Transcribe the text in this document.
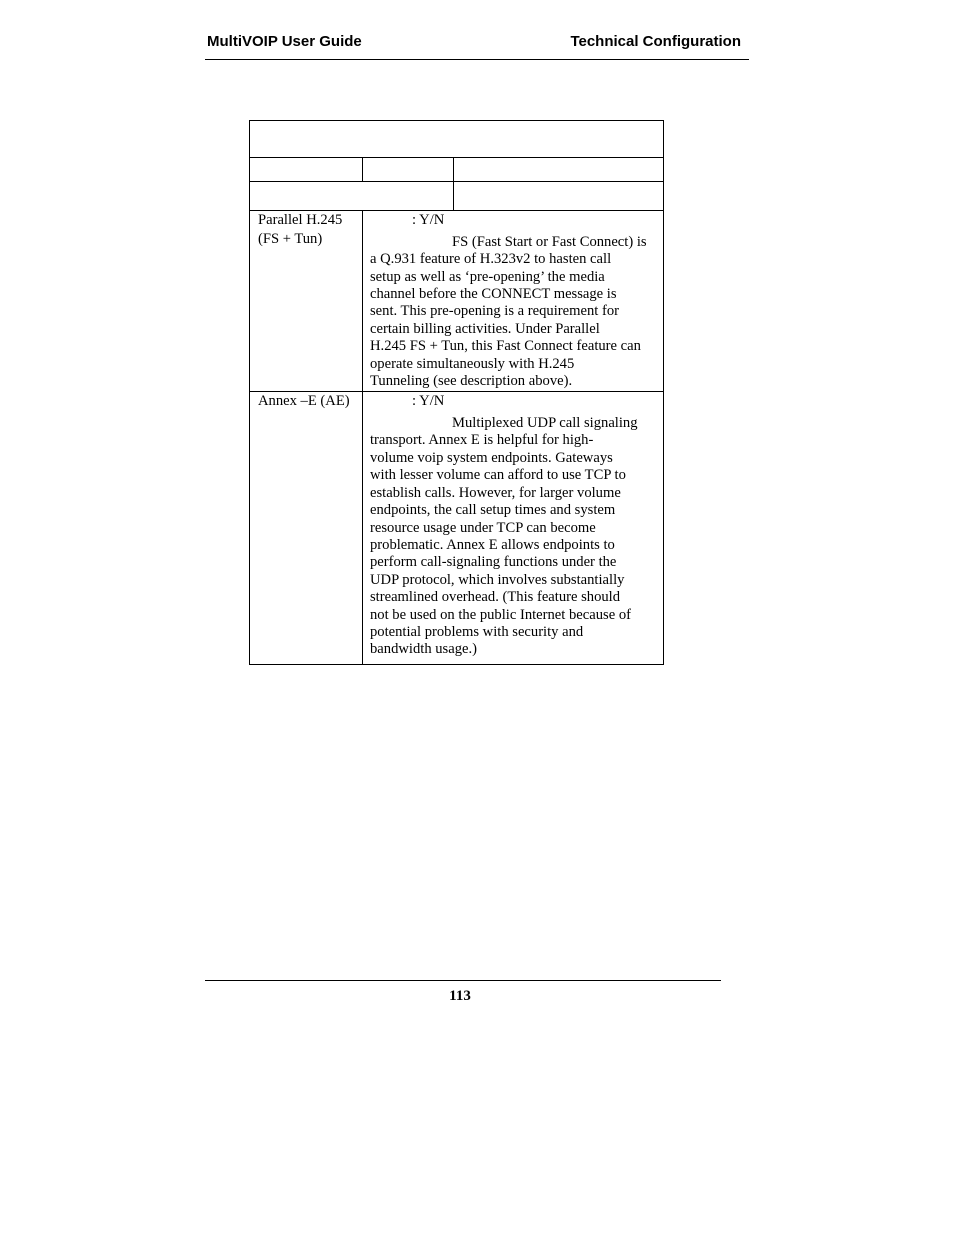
MultiVOIP User Guide	Technical Configuration
Parallel H.245
(FS + Tun)
: Y/N
FS (Fast Start or Fast Connect) is
a Q.931 feature of H.323v2 to hasten call
setup as well as ‘pre-opening’ the media
channel before the CONNECT message is
sent. This pre-opening is a requirement for
certain billing activities. Under Parallel
H.245 FS + Tun, this Fast Connect feature can
operate simultaneously with H.245
Tunneling (see description above).
Annex –E (AE)	: Y/N
Multiplexed UDP call signaling
transport. Annex E is helpful for high-
volume voip system endpoints. Gateways
with lesser volume can afford to use TCP to
establish calls. However, for larger volume
endpoints, the call setup times and system
resource usage under TCP can become
problematic. Annex E allows endpoints to
perform call-signaling functions under the
UDP protocol, which involves substantially
streamlined overhead. (This feature should
not be used on the public Internet because of
potential problems with security and
bandwidth usage.)
113
